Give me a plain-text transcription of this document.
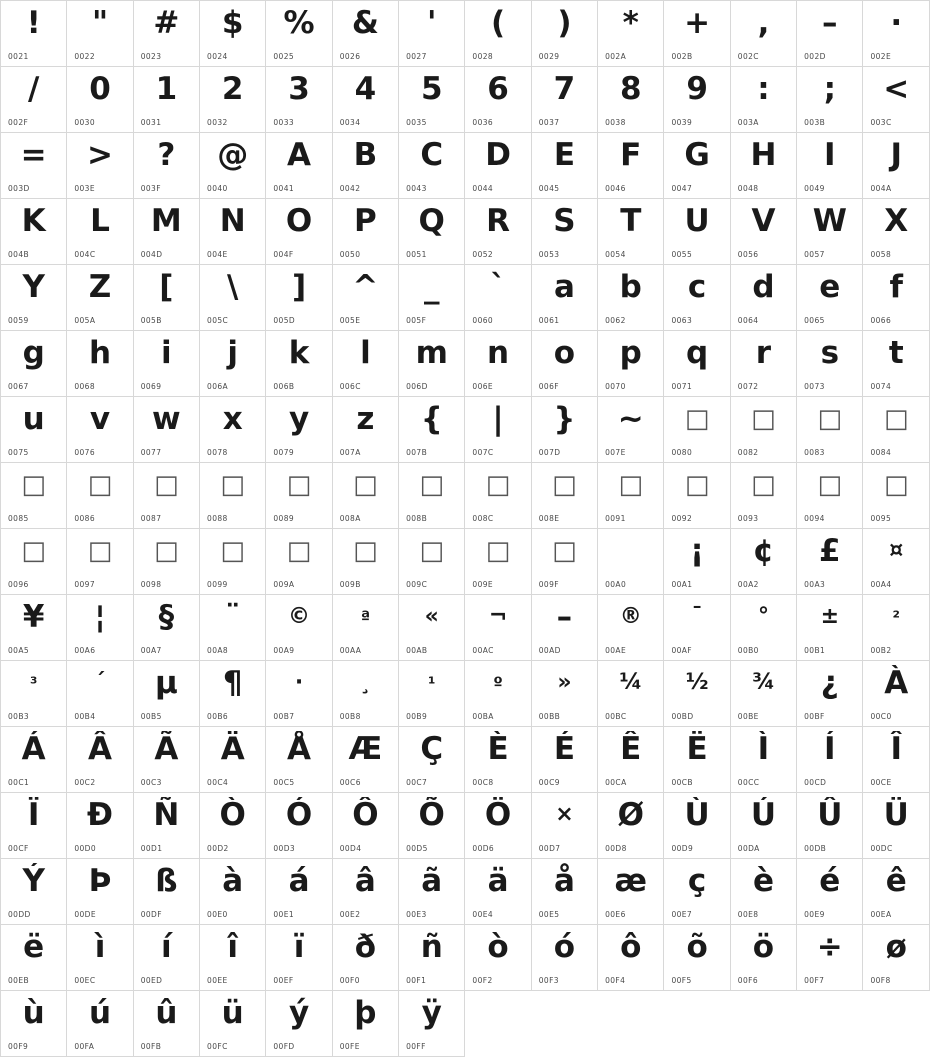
!
0021

"
0022

#
0023

$
0024

%
0025

&
0026

'
0027

(
0028

)
0029

*
002A

+
002B

,
002C

–
002D

·
002E

/
002F

0
0030

1
0031

2
0032

3
0033

4
0034

5
0035

6
0036

7
0037

8
0038

9
0039

:
003A

;
003B

<
003C

=
003D

>
003E

?
003F

@
0040

A
0041

B
0042

C
0043

D
0044

E
0045

F
0046

G
0047

H
0048

I
0049

J
004A

K
004B

L
004C

M
004D

N
004E

O
004F

P
0050

Q
0051

R
0052

S
0053

T
0054

U
0055

V
0056

W
0057

X
0058

Y
0059

Z
005A

[
005B

\
005C

]
005D

^
005E

_
005F

`
0060

a
0061

b
0062

c
0063

d
0064

e
0065

f
0066

g
0067

h
0068

i
0069

j
006A

k
006B

l
006C

m
006D

n
006E

o
006F

p
0070

q
0071

r
0072

s
0073

t
0074

u
0075

v
0076

w
0077

x
0078

y
0079

z
007A

{
007B

|
007C

}
007D

~
007E

□
0080

□
0082

□
0083

□
0084

□
0085

□
0086

□
0087

□
0088

□
0089

□
008A

□
008B

□
008C

□
008E

□
0091

□
0092

□
0093

□
0094

□
0095

□
0096

□
0097

□
0098

□
0099

□
009A

□
009B

□
009C

□
009E

□
009F	00A0

¡
00A1

¢
00A2

£
00A3

¤
00A4

¥
00A5

¦
00A6

§
00A7

¨
00A8

©
00A9

ª
00AA

«
00AB

¬
00AC

–
00AD

®
00AE

¯
00AF

°
00B0

±
00B1

²
00B2

³
00B3

´
00B4

µ
00B5

¶
00B6

·
00B7

¸
00B8

¹
00B9

º
00BA

»
00BB

¼
00BC

½
00BD

¾
00BE

¿
00BF

À
00C0

Á
00C1

Â
00C2

Ã
00C3

Ä
00C4

Å
00C5

Æ
00C6

Ç
00C7

È
00C8

É
00C9

Ê
00CA

Ë
00CB

Ì
00CC

Í
00CD

Î
00CE

Ï
00CF

Ð
00D0

Ñ
00D1

Ò
00D2

Ó
00D3

Ô
00D4

Õ
00D5

Ö
00D6

×
00D7

Ø
00D8

Ù
00D9

Ú
00DA

Û
00DB

Ü
00DC

Ý
00DD

Þ
00DE

ß
00DF

à
00E0

á
00E1

â
00E2

ã
00E3

ä
00E4

å
00E5

æ
00E6

ç
00E7

è
00E8

é
00E9

ê
00EA

ë
00EB

ì
00EC

í
00ED

î
00EE

ï
00EF

ð
00F0

ñ
00F1

ò
00F2

ó
00F3

ô
00F4

õ
00F5

ö
00F6

÷
00F7

ø
00F8

ù
00F9

ú
00FA

û
00FB

ü
00FC

ý
00FD

þ
00FE

ÿ
00FF
